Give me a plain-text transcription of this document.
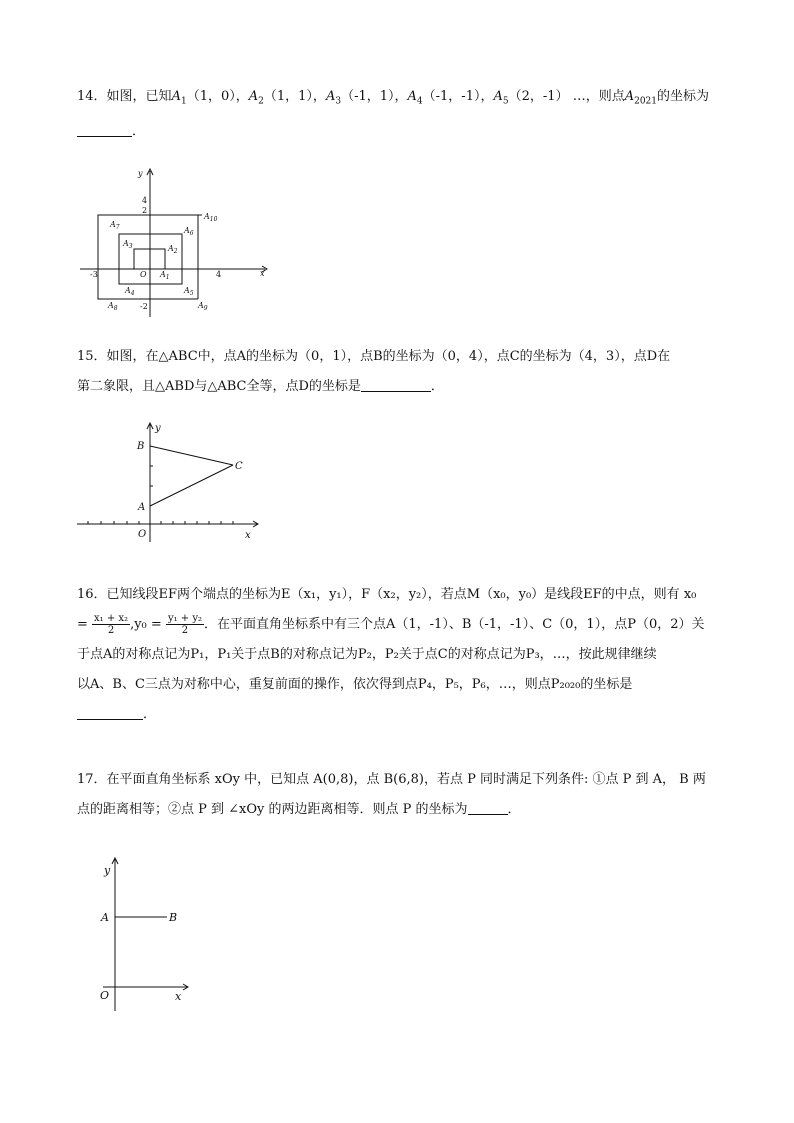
14．如图，已知$A_1(1$，0），$A_2(1$，1），$A_3(-1$，1），$A_4(-1$，-1），$A_5(2$，-1） …，则点$A_{2021}$的坐标为
．
y
x
O
4
2
-3	4
-2
$A_1$
$A_2$
$A_3$
$A_4$	$A_5$
$A_6$
$A_7$
$A_8$	$A_9$
$A_{10}$
15．如图，在△ABC中，点A的坐标为（0，1），点B的坐标为（0，4），点C的坐标为（4，3），点D在
第二象限，且△ABD与△ABC全等，点D的坐标是	．
B
C
A
O	x
y
16．已知线段EF两个端点的坐标为E（x₁，y₁），F（x₂，y₂），若点M（x₀，y₀）是线段EF的中点，则有 x₀
= $\frac{\text{x₁ + x₂}}{2} ,y_0 = \frac{\text{y₁ + y₂}}{2}$ ．在平面直角坐标系中有三个点A（1，-1）、B（-1，-1）、C（0，1），点P（0，2）关
于点A的对称点记为P₁，P₁关于点B的对称点记为P₂，P₂关于点C的对称点记为P₃，…，按此规律继续
以A、B、C三点为对称中心，重复前面的操作，依次得到点P₄，P₅，P₆，…，则点P₂₀₂₀的坐标是
．
17．在平面直角坐标系 xOy 中，已知点 A(0,8)，点 B(6,8)，若点 P 同时满足下列条件: ①点 P 到 A， B 两
点的距离相等；②点 P 到 ∠xOy 的两边距离相等．则点 P 的坐标为	．
y
A	B
O	x
